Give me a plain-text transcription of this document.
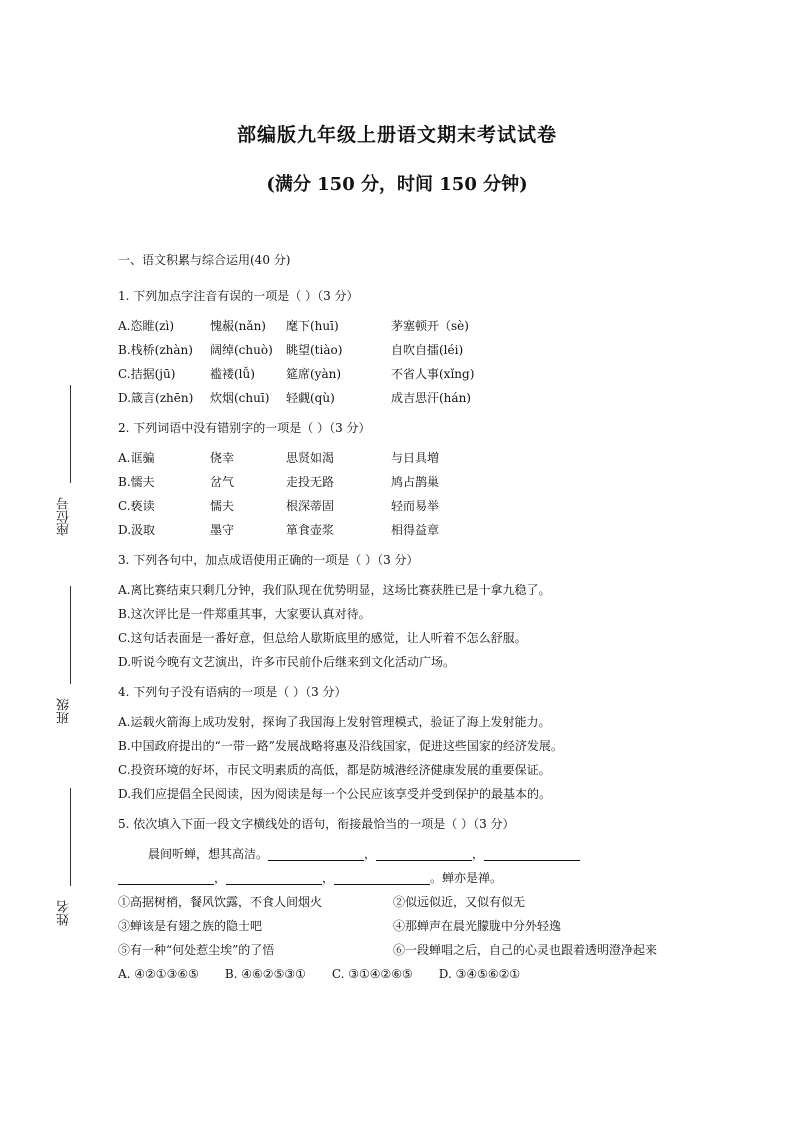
部编版九年级上册语文期末考试试卷
(满分 150 分，时间 150 分钟)
座位号
班级
姓名
一、语文积累与综合运用(40 分)
1. 下列加点字注音有误的一项是（ ）（3 分）
A.恣睢(zì)	愧赧(nǎn)	麾下(huī)	茅塞顿开（sè)
B.栈桥(zhàn)	阔绰(chuò)	眺望(tiào)	自吹自擂(léi)
C.拮据(jū)	褴褛(lǚ)	筵席(yàn)	不省人事(xǐng)
D.箴言(zhēn)	炊烟(chuī)	轻觑(qù)	成吉思汗(hán)
2. 下列词语中没有错别字的一项是（ ）（3 分）
A.诓骗	侥幸	思贤如渴	与日具増
B.懦夫	岔气	走投无路	鸠占鹊巢
C.亵读	懦夫	根深蒂固	轻而易举
D.汲取	墨守	箪食壶浆	相得益章
3. 下列各句中，加点成语使用正确的一项是（ ）（3 分）
A.离比赛结束只剩几分钟，我们队现在优势明显，这场比赛获胜已是十拿九稳了。
B.这次评比是一件郑重其事，大家要认真对待。
C.这句话表面是一番好意，但总给人歇斯底里的感觉，让人听着不怎么舒服。
D.听说今晚有文艺演出，许多市民前仆后继来到文化活动广场。
4. 下列句子没有语病的一项是（ ）（3 分）
A.运载火箭海上成功发射，探询了我国海上发射管理模式，验证了海上发射能力。
B.中国政府提出的“一带一路”发展战略将惠及沿线国家，促进这些国家的经济发展。
C.投资环境的好坏，市民文明素质的高低，都是防城港经济健康发展的重要保证。
D.我们应提倡全民阅读，因为阅读是每一个公民应该享受并受到保护的最基本的。
5. 依次填入下面一段文字横线处的语句，衔接最恰当的一项是（ ）（3 分）
晨间听蝉，想其高洁。	，	，
，	，	。蝉亦是禅。
①高据树梢，餐风饮露，不食人间烟火	②似远似近，又似有似无
③蝉该是有翅之族的隐士吧	④那蝉声在晨光朦胧中分外轻逸
⑤有一种“何处惹尘埃”的了悟	⑥一段蝉唱之后，自己的心灵也跟着透明澄净起来
A. ④②①③⑥⑤ B. ④⑥②⑤③① C. ③①④②⑥⑤ D. ③④⑤⑥②①
